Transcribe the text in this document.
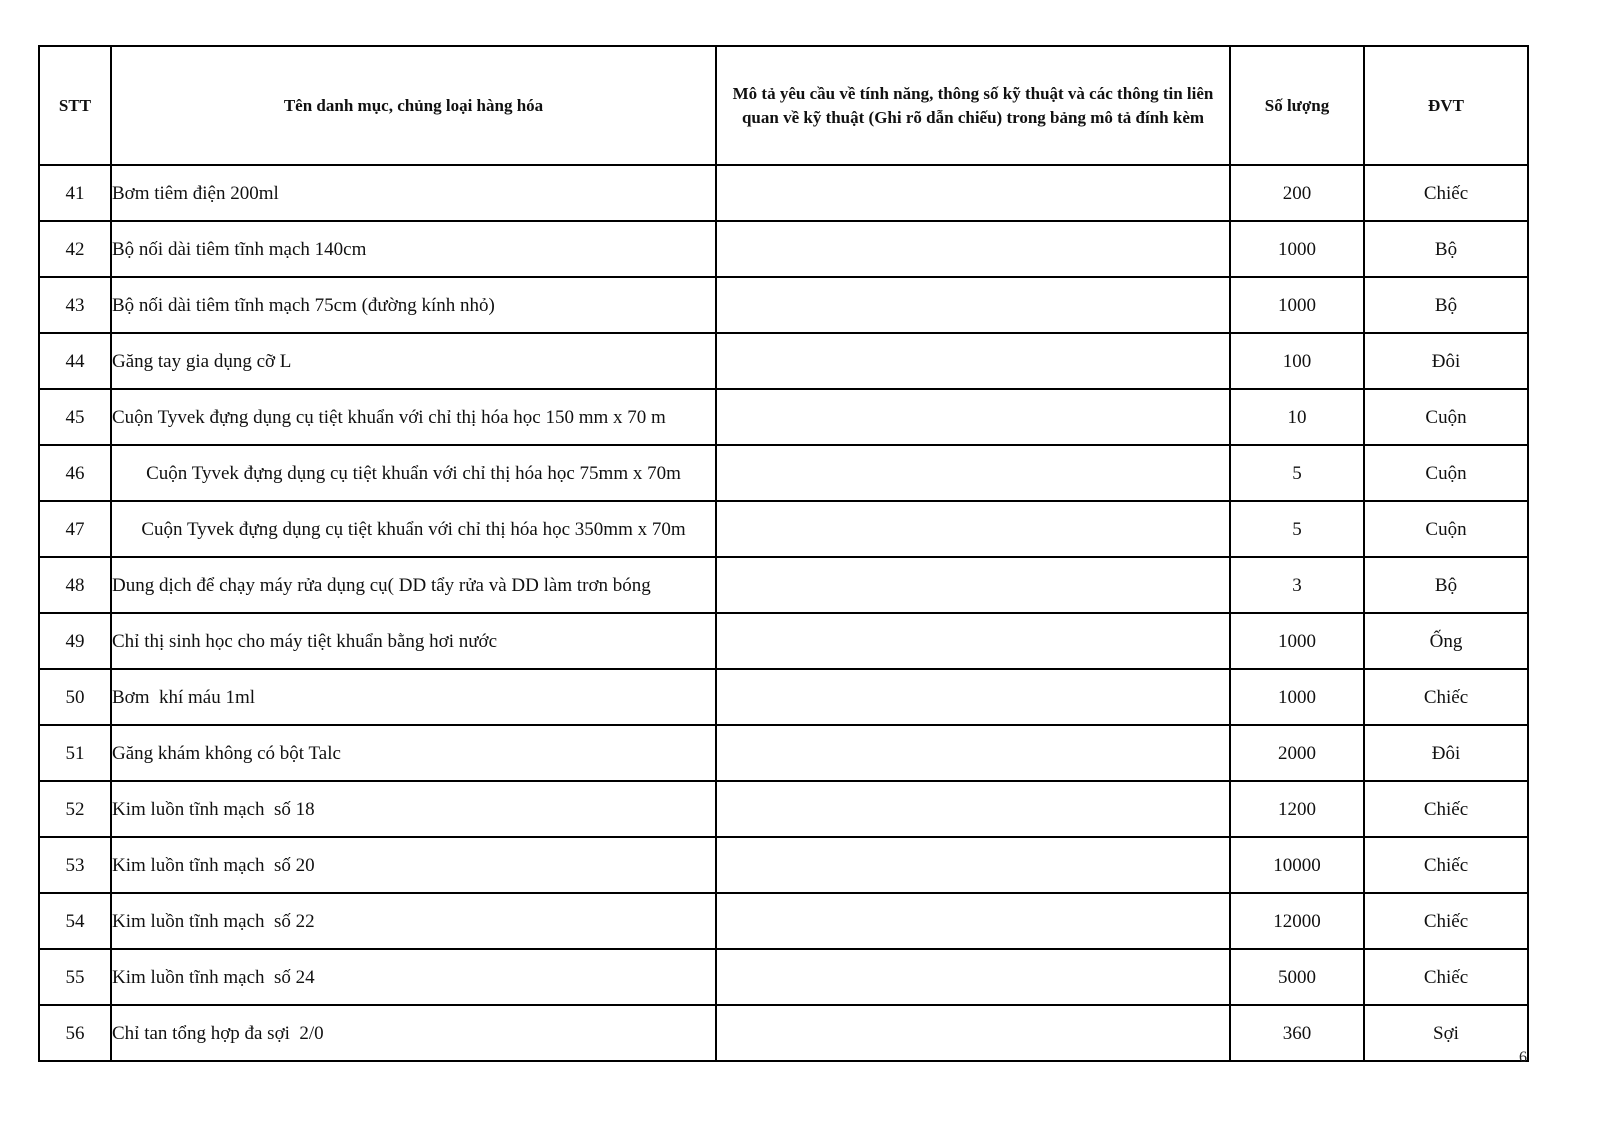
STT	Tên danh mục, chủng loại hàng hóa	Mô tả yêu cầu về tính năng, thông số kỹ thuật và các thông tin liên quan về kỹ thuật (Ghi rõ dẫn chiếu) trong bảng mô tả đính kèm	Số lượng	ĐVT
41	Bơm tiêm điện 200ml		200	Chiếc
42	Bộ nối dài tiêm tĩnh mạch 140cm		1000	Bộ
43	Bộ nối dài tiêm tĩnh mạch 75cm (đường kính nhỏ)		1000	Bộ
44	Găng tay gia dụng cỡ L		100	Đôi
45	Cuộn Tyvek đựng dụng cụ tiệt khuẩn với chỉ thị hóa học 150 mm x 70 m		10	Cuộn
46	Cuộn Tyvek đựng dụng cụ tiệt khuẩn với chỉ thị hóa học 75mm x 70m		5	Cuộn
47	Cuộn Tyvek đựng dụng cụ tiệt khuẩn với chỉ thị hóa học 350mm x 70m		5	Cuộn
48	Dung dịch để chạy máy rửa dụng cụ( DD tẩy rửa và DD làm trơn bóng		3	Bộ
49	Chỉ thị sinh học cho máy tiệt khuẩn bằng hơi nước		1000	Ống
50	Bơm  khí máu 1ml		1000	Chiếc
51	Găng khám không có bột Talc		2000	Đôi
52	Kim luồn tĩnh mạch  số 18		1200	Chiếc
53	Kim luồn tĩnh mạch  số 20		10000	Chiếc
54	Kim luồn tĩnh mạch  số 22		12000	Chiếc
55	Kim luồn tĩnh mạch  số 24		5000	Chiếc
56	Chỉ tan tổng hợp đa sợi  2/0		360	Sợi
6
